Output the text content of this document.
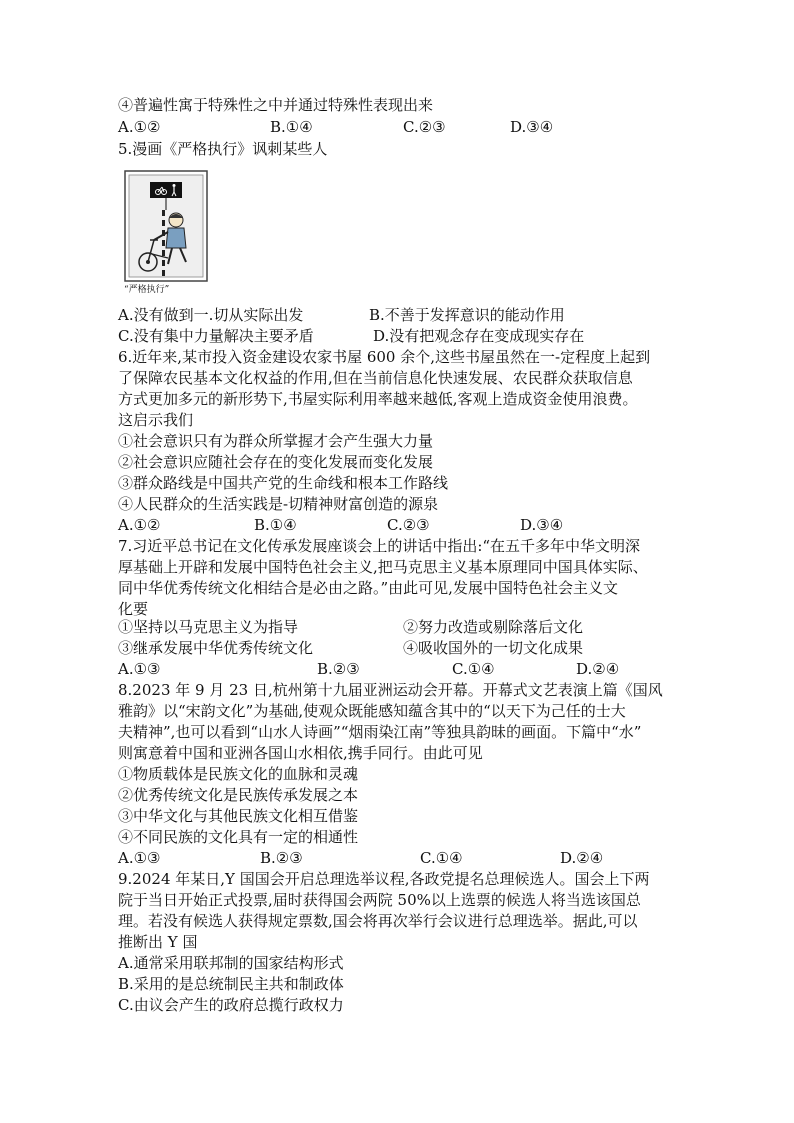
④普遍性寓于特殊性之中并通过特殊性表现出来
A.①②	B.①④	C.②③	D.③④
5.漫画《严格执行》讽刺某些人
“严格执行”
A.没有做到一.切从实际出发	B.不善于发挥意识的能动作用
C.没有集中力量解决主要矛盾	D.没有把观念存在变成现实存在
6.近年来,某市投入资金建设农家书屋 600 余个,这些书屋虽然在一-定程度上起到
了保障农民基本文化权益的作用,但在当前信息化快速发展、农民群众获取信息
方式更加多元的新形势下,书屋实际利用率越来越低,客观上造成资金使用浪费。
这启示我们
①社会意识只有为群众所掌握才会产生强大力量
②社会意识应随社会存在的变化发展而变化发展
③群众路线是中国共产党的生命线和根本工作路线
④人民群众的生活实践是-切精神财富创造的源泉
A.①②	B.①④	C.②③	D.③④
7.习近平总书记在文化传承发展座谈会上的讲话中指出:“在五千多年中华文明深
厚基础上开辟和发展中国特色社会主义,把马克思主义基本原理同中国具体实际、
同中华优秀传统文化相结合是必由之路。”由此可见,发展中国特色社会主义文
化要
①坚持以马克思主义为指导	②努力改造或剔除落后文化
③继承发展中华优秀传统文化	④吸收国外的一切文化成果
A.①③	B.②③	C.①④	D.②④
8.2023 年 9 月 23 日,杭州第十九届亚洲运动会开幕。开幕式文艺表演上篇《国风
雅韵》以“宋韵文化”为基础,使观众既能感知蕴含其中的“以天下为己任的士大
夫精神”,也可以看到“山水人诗画”“烟雨染江南”等独具韵昧的画面。下篇中“水”
则寓意着中国和亚洲各国山水相依,携手同行。由此可见
①物质载体是民族文化的血脉和灵魂
②优秀传统文化是民族传承发展之本
③中华文化与其他民族文化相互借鉴
④不同民族的文化具有一定的相通性
A.①③	B.②③	C.①④	D.②④
9.2024 年某日,Y 国国会开启总理选举议程,各政党提名总理候选人。国会上下两
院于当日开始正式投票,届时获得国会两院 50%以上选票的候选人将当选该国总
理。若没有候选人获得规定票数,国会将再次举行会议进行总理选举。据此,可以
推断出 Y 国
A.通常采用联邦制的国家结构形式
B.采用的是总统制民主共和制政体
C.由议会产生的政府总揽行政权力
